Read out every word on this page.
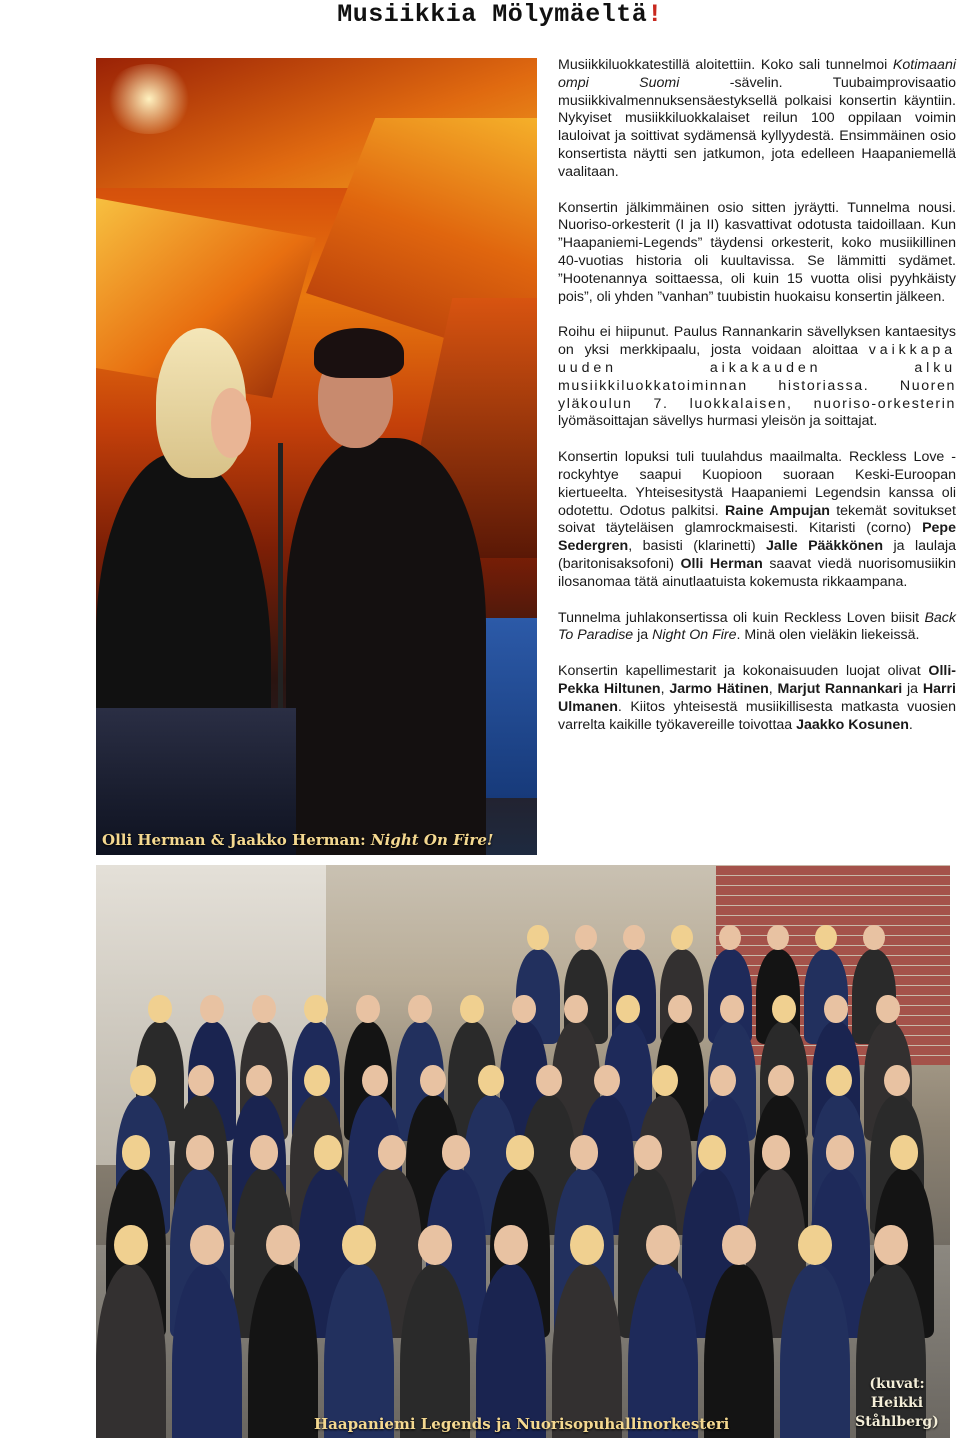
Musiikkia Mölymäeltä!
Olli Herman & Jaakko Herman: Night On Fire!

Musiikkiluokkatestillä aloitettiin. Koko sali tunnelmoi Kotimaani ompi Suomi -sävelin. Tuubaimprovisaatio musiikkivalmennuksensäestyksellä polkaisi konsertin käyntiin. Nykyiset musiikkiluokkalaiset reilun 100 oppilaan voimin lauloivat ja soittivat sydämensä kyllyydestä. Ensimmäinen osio konsertista näytti sen jatkumon, jota edelleen Haapaniemellä vaalitaan.

Konsertin jälkimmäinen osio sitten jyräytti. Tunnelma nousi. Nuoriso-orkesterit (I ja II) kasvattivat odotusta taidoillaan. Kun ”Haapaniemi-Legends” täydensi orkesterit, koko musiikillinen 40-vuotias historia oli kuultavissa. Se lämmitti sydämet. ”Hootenannya soittaessa, oli kuin 15 vuotta olisi pyyhkäisty pois”, oli yhden ”vanhan” tuubistin huokaisu konsertin jälkeen.

Roihu ei hiipunut. Paulus Rannankarin sävellyksen kantaesitys on yksi merkkipaalu, josta voidaan aloittaa vaikkapa uuden aikakauden alku musiikkiluokkatoiminnan historiassa. Nuoren yläkoulun 7. luokkalaisen, nuoriso-orkesterin lyömäsoittajan sävellys hurmasi yleisön ja soittajat.

Konsertin lopuksi tuli tuulahdus maailmalta. Reckless Love -rockyhtye saapui Kuopioon suoraan Keski-Euroopan kiertueelta. Yhteisesitystä Haapaniemi Legendsin kanssa oli odotettu. Odotus palkitsi. Raine Ampujan tekemät sovitukset soivat täyteläisen glamrockmaisesti. Kitaristi (corno) Pepe Sedergren, basisti (klarinetti) Jalle Pääkkönen ja laulaja (baritonisaksofoni) Olli Herman saavat viedä nuorisomusiikin ilosanomaa tätä ainutlaatuista kokemusta rikkaampana.

Tunnelma juhlakonsertissa oli kuin Reckless Loven biisit Back To Paradise ja Night On Fire. Minä olen vieläkin liekeissä.

Konsertin kapellimestarit ja kokonaisuuden luojat olivat Olli-Pekka Hiltunen, Jarmo Hätinen, Marjut Rannankari ja Harri Ulmanen. Kiitos yhteisestä musiikillisesta matkasta vuosien varrelta kaikille työkavereille toivottaa Jaakko Kosunen.

Haapaniemi Legends ja Nuorisopuhallinorkesteri
(kuvat:
Heikki
Ståhlberg)
